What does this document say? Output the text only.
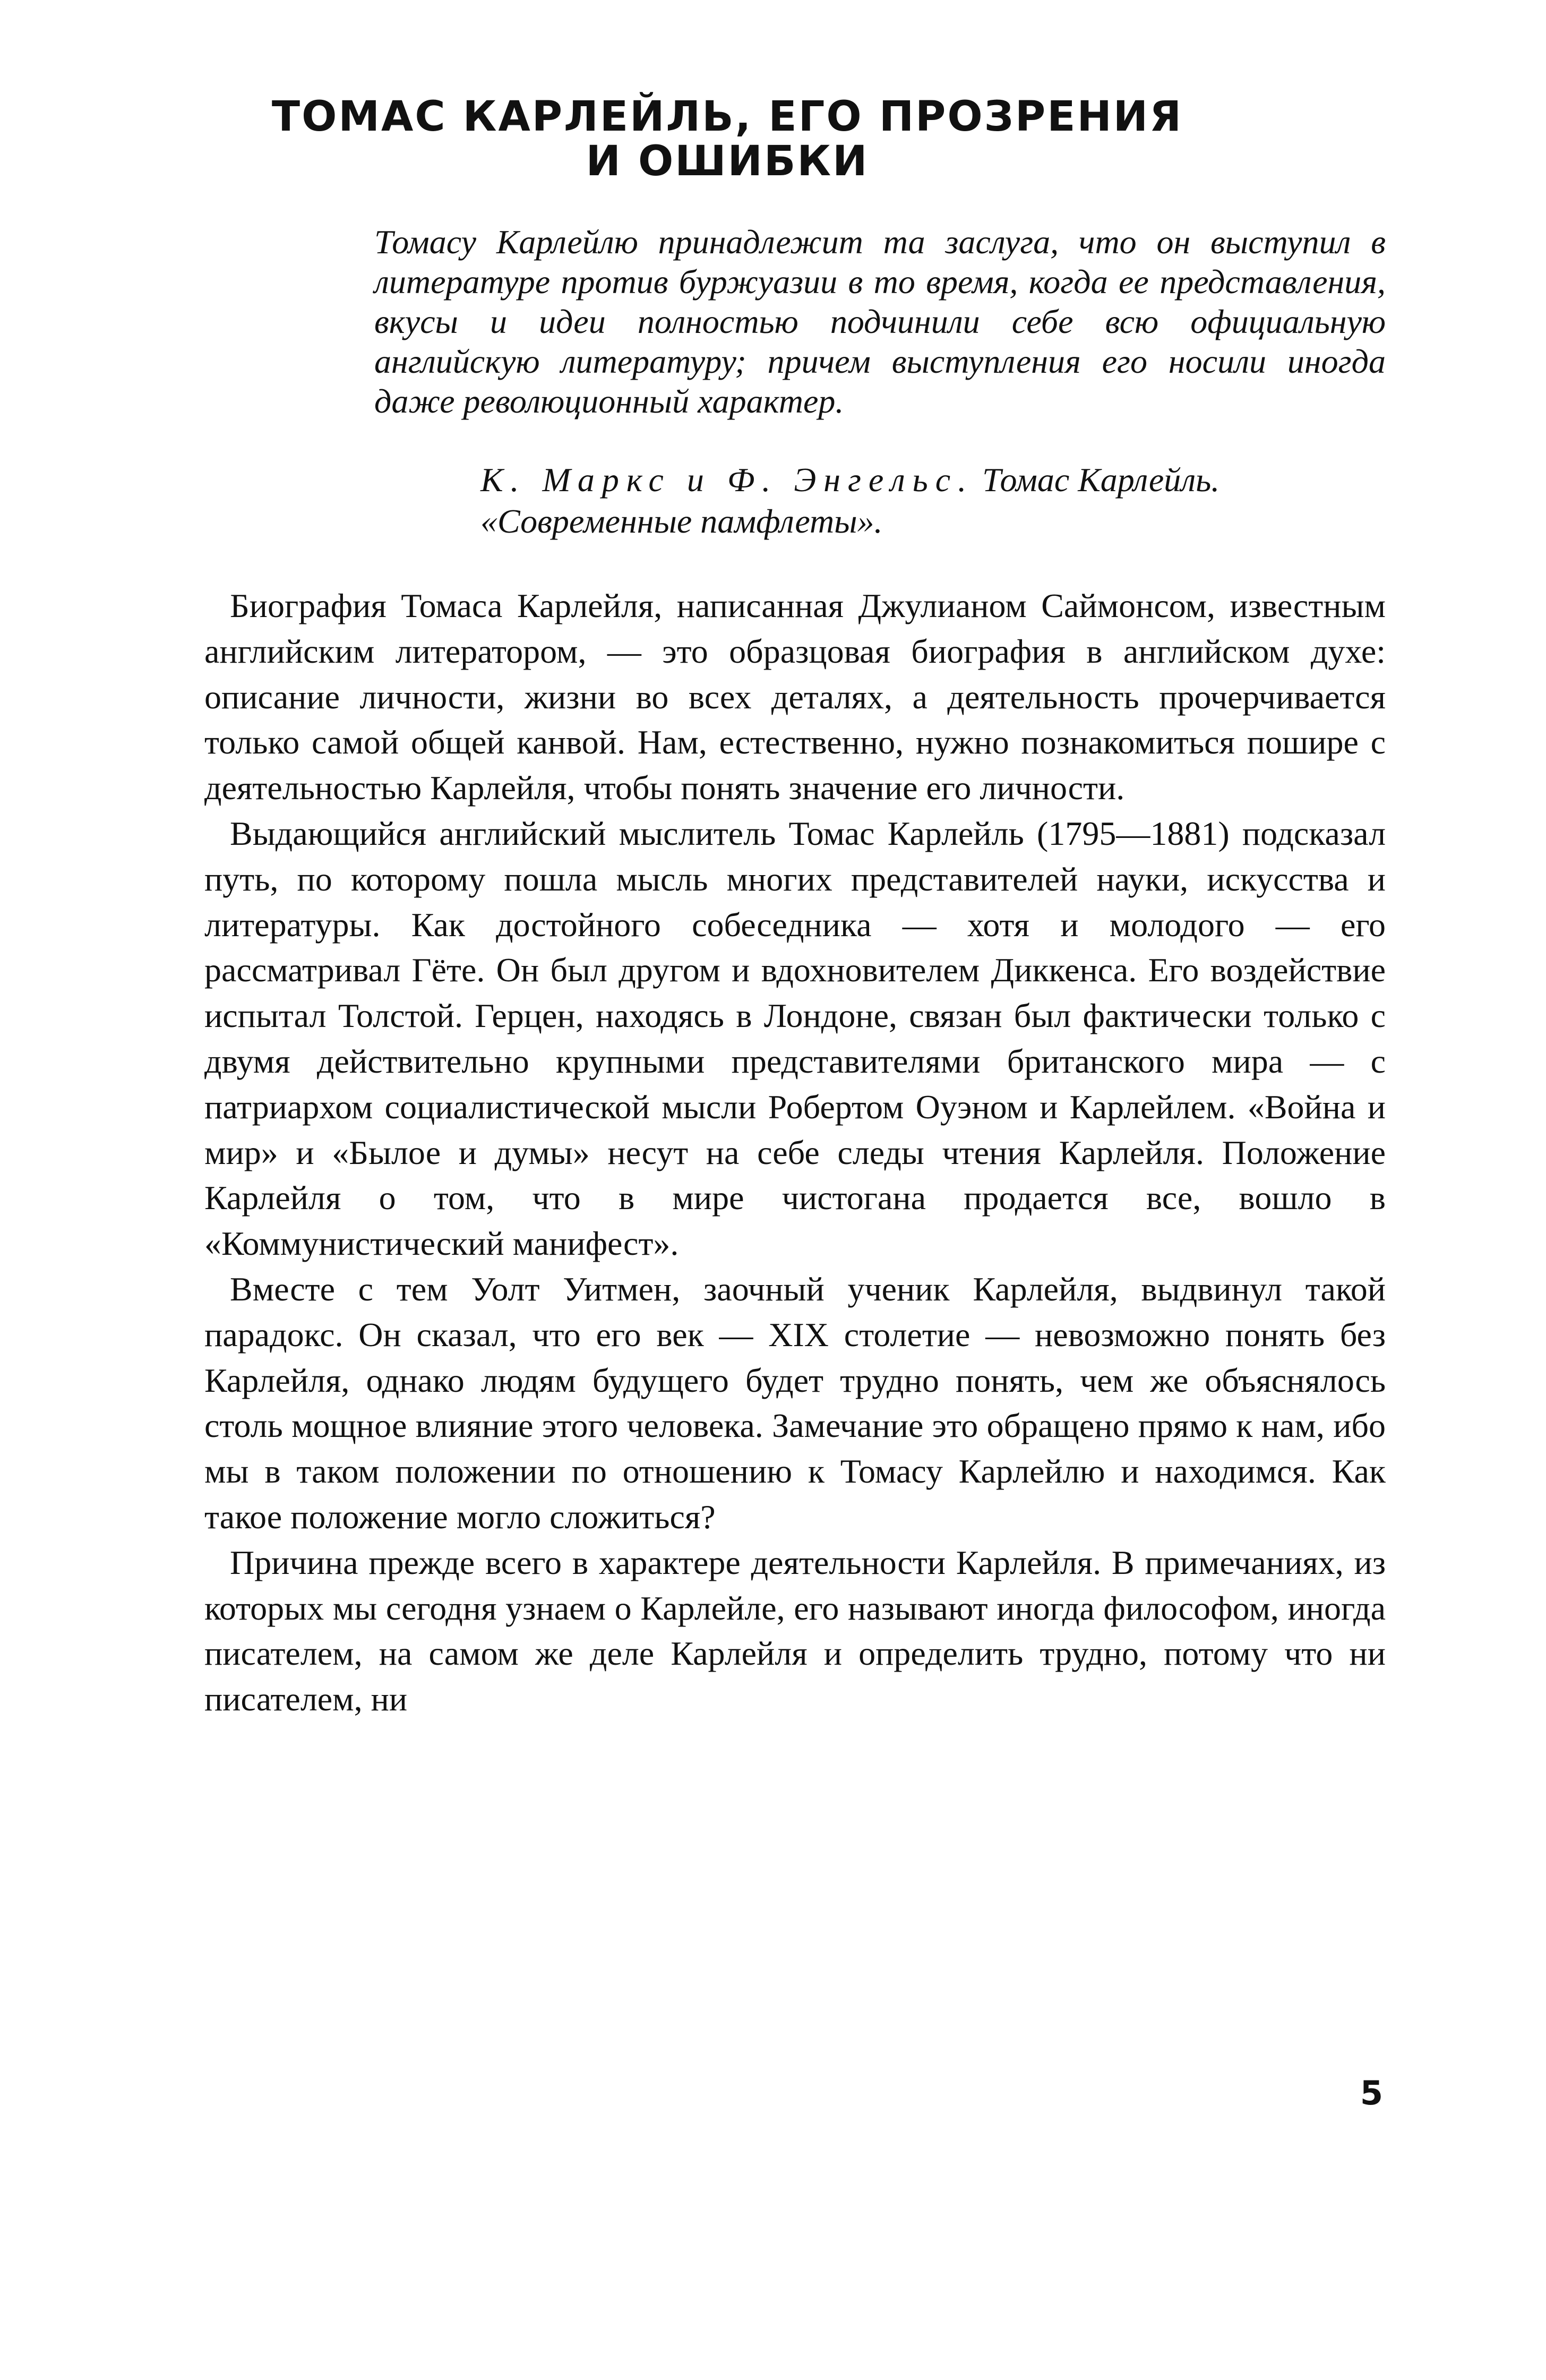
ТОМАС КАРЛЕЙЛЬ, ЕГО ПРОЗРЕНИЯ
И ОШИБКИ
Томасу Карлейлю принадлежит та заслуга, что он выступил в литературе против буржуазии в то время, когда ее представления, вкусы и идеи полностью подчинили себе всю официальную английскую литературу; причем выступления его носили иногда даже революционный характер.
К. Маркс и Ф. Энгельс. Томас Карлейль. «Современные памфлеты».

Биография Томаса Карлейля, написанная Джулианом Саймонсом, известным английским литератором, — это образцовая биография в английском духе: описание личности, жизни во всех деталях, а деятельность прочерчивается только самой общей канвой. Нам, естественно, нужно познакомиться пошире с деятельностью Карлейля, чтобы понять значение его личности.

Выдающийся английский мыслитель Томас Карлейль (1795—1881) подсказал путь, по которому пошла мысль многих представителей науки, искусства и литературы. Как достойного собеседника — хотя и молодого — его рассматривал Гёте. Он был другом и вдохновителем Диккенса. Его воздействие испытал Толстой. Герцен, находясь в Лондоне, связан был фактически только с двумя действительно крупными представителями британского мира — с патриархом социалистической мысли Робертом Оуэном и Карлейлем. «Война и мир» и «Былое и думы» несут на себе следы чтения Карлейля. Положение Карлейля о том, что в мире чистогана продается все, вошло в «Коммунистический манифест».

Вместе с тем Уолт Уитмен, заочный ученик Карлейля, выдвинул такой парадокс. Он сказал, что его век — XIX столетие — невозможно понять без Карлейля, однако людям будущего будет трудно понять, чем же объяснялось столь мощное влияние этого человека. Замечание это обращено прямо к нам, ибо мы в таком положении по отношению к Томасу Карлейлю и находимся. Как такое положение могло сложиться?

Причина прежде всего в характере деятельности Карлейля. В примечаниях, из которых мы сегодня узнаем о Карлейле, его называют иногда философом, иногда писателем, на самом же деле Карлейля и определить трудно, потому что ни писателем, ни

5
